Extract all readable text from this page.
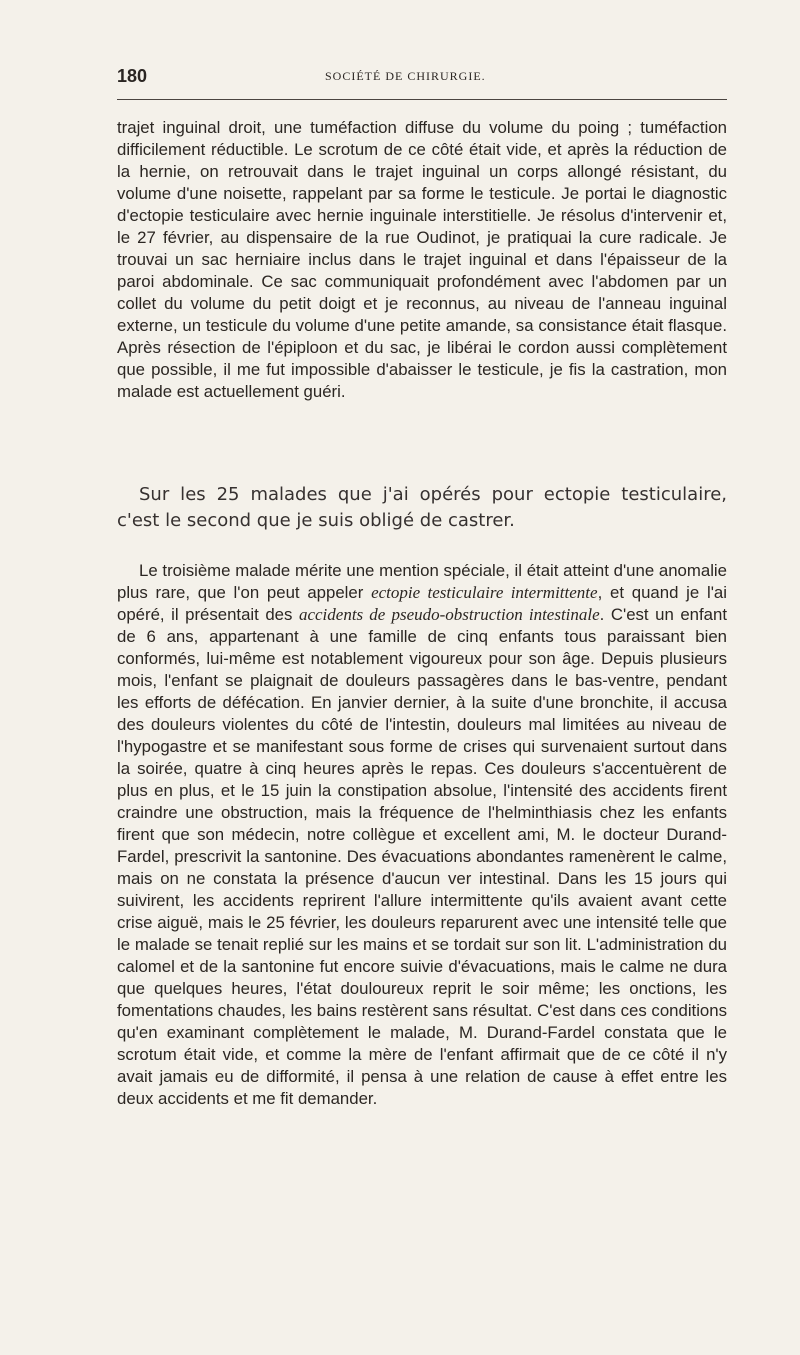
180	SOCIÉTÉ DE CHIRURGIE.

trajet inguinal droit, une tuméfaction diffuse du volume du poing ; tuméfaction difficilement réductible. Le scrotum de ce côté était vide, et après la réduction de la hernie, on retrouvait dans le trajet inguinal un corps allongé résistant, du volume d'une noisette, rappelant par sa forme le testicule. Je portai le diagnostic d'ectopie testiculaire avec hernie inguinale interstitielle. Je résolus d'intervenir et, le 27 février, au dispensaire de la rue Oudinot, je pratiquai la cure radicale. Je trouvai un sac herniaire inclus dans le trajet inguinal et dans l'épaisseur de la paroi abdominale. Ce sac communiquait profondément avec l'abdomen par un collet du volume du petit doigt et je reconnus, au niveau de l'anneau inguinal externe, un testicule du volume d'une petite amande, sa consistance était flasque. Après résection de l'épiploon et du sac, je libérai le cordon aussi complètement que possible, il me fut impossible d'abaisser le testicule, je fis la castration, mon malade est actuellement guéri.

Sur les 25 malades que j'ai opérés pour ectopie testiculaire, c'est le second que je suis obligé de castrer.

Le troisième malade mérite une mention spéciale, il était atteint d'une anomalie plus rare, que l'on peut appeler ectopie testiculaire intermittente, et quand je l'ai opéré, il présentait des accidents de pseudo-obstruction intestinale. C'est un enfant de 6 ans, appartenant à une famille de cinq enfants tous paraissant bien conformés, lui-même est notablement vigoureux pour son âge. Depuis plusieurs mois, l'enfant se plaignait de douleurs passagères dans le bas-ventre, pendant les efforts de défécation. En janvier dernier, à la suite d'une bronchite, il accusa des douleurs violentes du côté de l'intestin, douleurs mal limitées au niveau de l'hypogastre et se manifestant sous forme de crises qui survenaient surtout dans la soirée, quatre à cinq heures après le repas. Ces douleurs s'accentuèrent de plus en plus, et le 15 juin la constipation absolue, l'intensité des accidents firent craindre une obstruction, mais la fréquence de l'helminthiasis chez les enfants firent que son médecin, notre collègue et excellent ami, M. le docteur Durand-Fardel, prescrivit la santonine. Des évacuations abondantes ramenèrent le calme, mais on ne constata la présence d'aucun ver intestinal. Dans les 15 jours qui suivirent, les accidents reprirent l'allure intermittente qu'ils avaient avant cette crise aiguë, mais le 25 février, les douleurs reparurent avec une intensité telle que le malade se tenait replié sur les mains et se tordait sur son lit. L'administration du calomel et de la santonine fut encore suivie d'évacuations, mais le calme ne dura que quelques heures, l'état douloureux reprit le soir même; les onctions, les fomentations chaudes, les bains restèrent sans résultat. C'est dans ces conditions qu'en examinant complètement le malade, M. Durand-Fardel constata que le scrotum était vide, et comme la mère de l'enfant affirmait que de ce côté il n'y avait jamais eu de difformité, il pensa à une relation de cause à effet entre les deux accidents et me fit demander.
